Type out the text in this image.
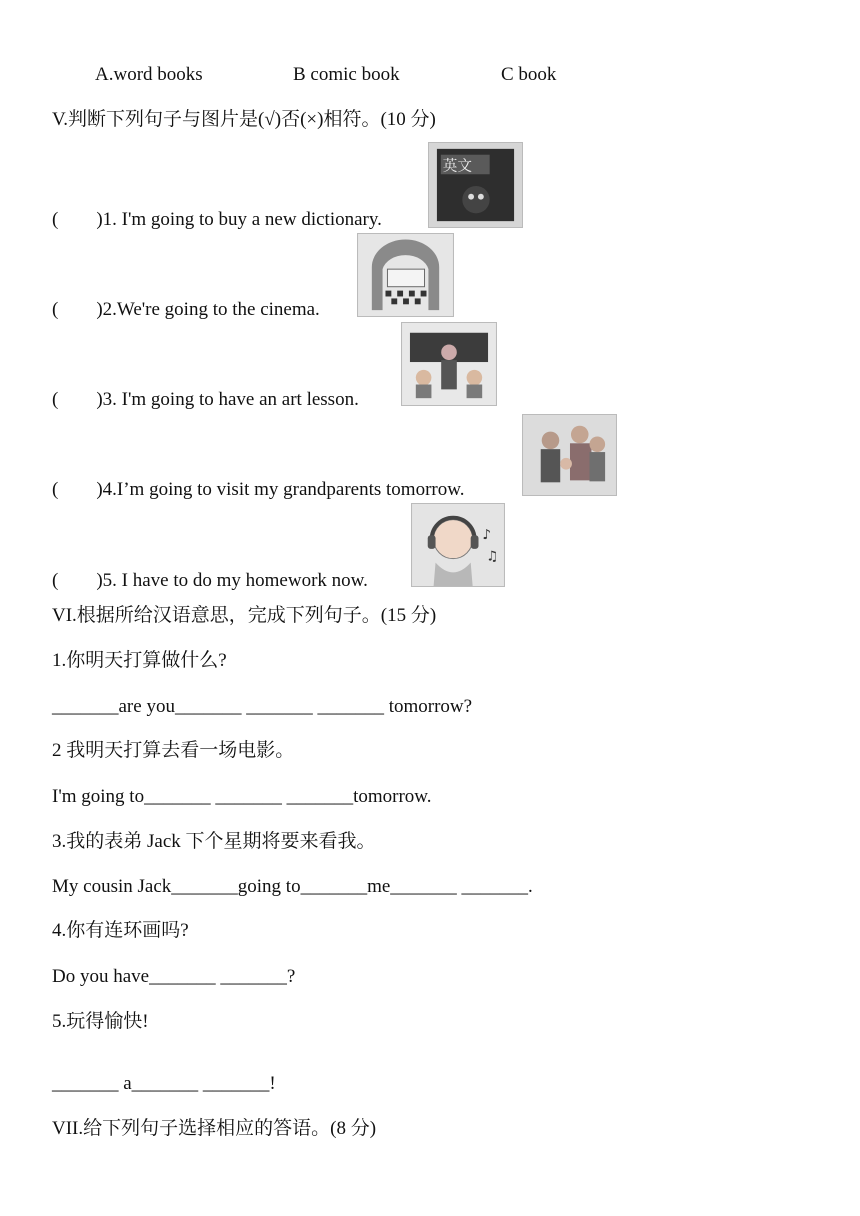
A.word books	B comic book	C book
V.判断下列句子与图片是(√)否(×)相符。(10 分)
(        )1. I'm going to buy a new dictionary.
英文
(        )2.We're going to the cinema.
(        )3. I'm going to have an art lesson.
(        )4.I’m going to visit my grandparents tomorrow.
(        )5. I have to do my homework now.
♪
♫
VI.根据所给汉语意思，完成下列句子。(15 分)
1.你明天打算做什么?
_______are you_______ _______ _______ tomorrow?
2 我明天打算去看一场电影。
I'm going to_______ _______ _______tomorrow.
3.我的表弟 Jack 下个星期将要来看我。
My cousin Jack_______going to_______me_______ _______.
4.你有连环画吗?
Do you have_______ _______?
5.玩得愉快!
_______ a_______ _______!
VII.给下列句子选择相应的答语。(8 分)
